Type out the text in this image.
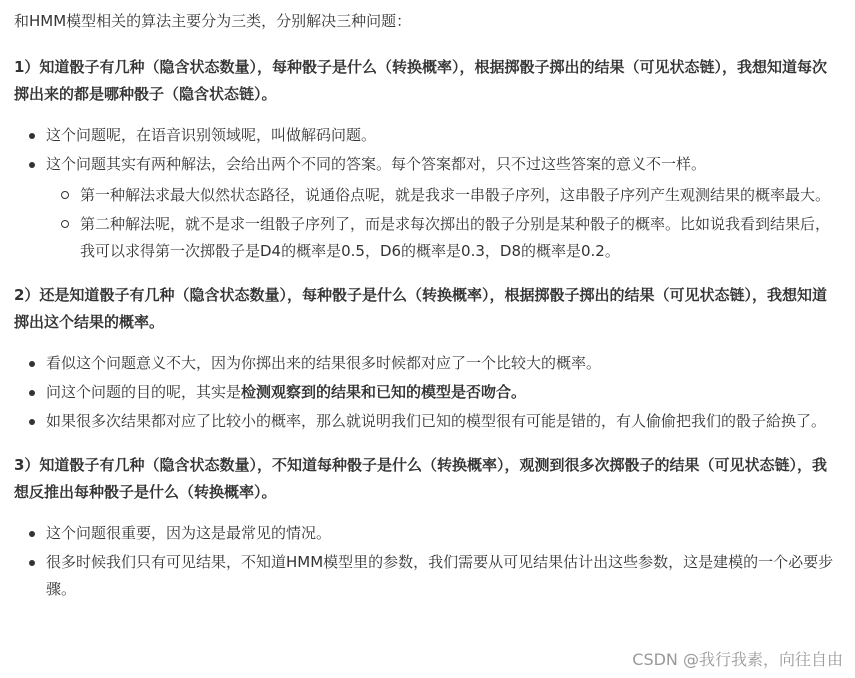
和HMM模型相关的算法主要分为三类，分别解决三种问题：

1）知道骰子有几种（隐含状态数量），每种骰子是什么（转换概率），根据掷骰子掷出的结果（可见状态链），我想知道每次掷出来的都是哪种骰子（隐含状态链）。

这个问题呢，在语音识别领域呢，叫做解码问题。
这个问题其实有两种解法，会给出两个不同的答案。每个答案都对，只不过这些答案的意义不一样。
第一种解法求最大似然状态路径，说通俗点呢，就是我求一串骰子序列，这串骰子序列产生观测结果的概率最大。
第二种解法呢，就不是求一组骰子序列了，而是求每次掷出的骰子分别是某种骰子的概率。比如说我看到结果后，我可以求得第一次掷骰子是D4的概率是0.5，D6的概率是0.3，D8的概率是0.2。

2）还是知道骰子有几种（隐含状态数量），每种骰子是什么（转换概率），根据掷骰子掷出的结果（可见状态链），我想知道掷出这个结果的概率。

看似这个问题意义不大，因为你掷出来的结果很多时候都对应了一个比较大的概率。
问这个问题的目的呢，其实是检测观察到的结果和已知的模型是否吻合。
如果很多次结果都对应了比较小的概率，那么就说明我们已知的模型很有可能是错的，有人偷偷把我们的骰子給换了。

3）知道骰子有几种（隐含状态数量），不知道每种骰子是什么（转换概率），观测到很多次掷骰子的结果（可见状态链），我想反推出每种骰子是什么（转换概率）。

这个问题很重要，因为这是最常见的情况。
很多时候我们只有可见结果，不知道HMM模型里的参数，我们需要从可见结果估计出这些参数，这是建模的一个必要步骤。
CSDN @我行我素，向往自由
